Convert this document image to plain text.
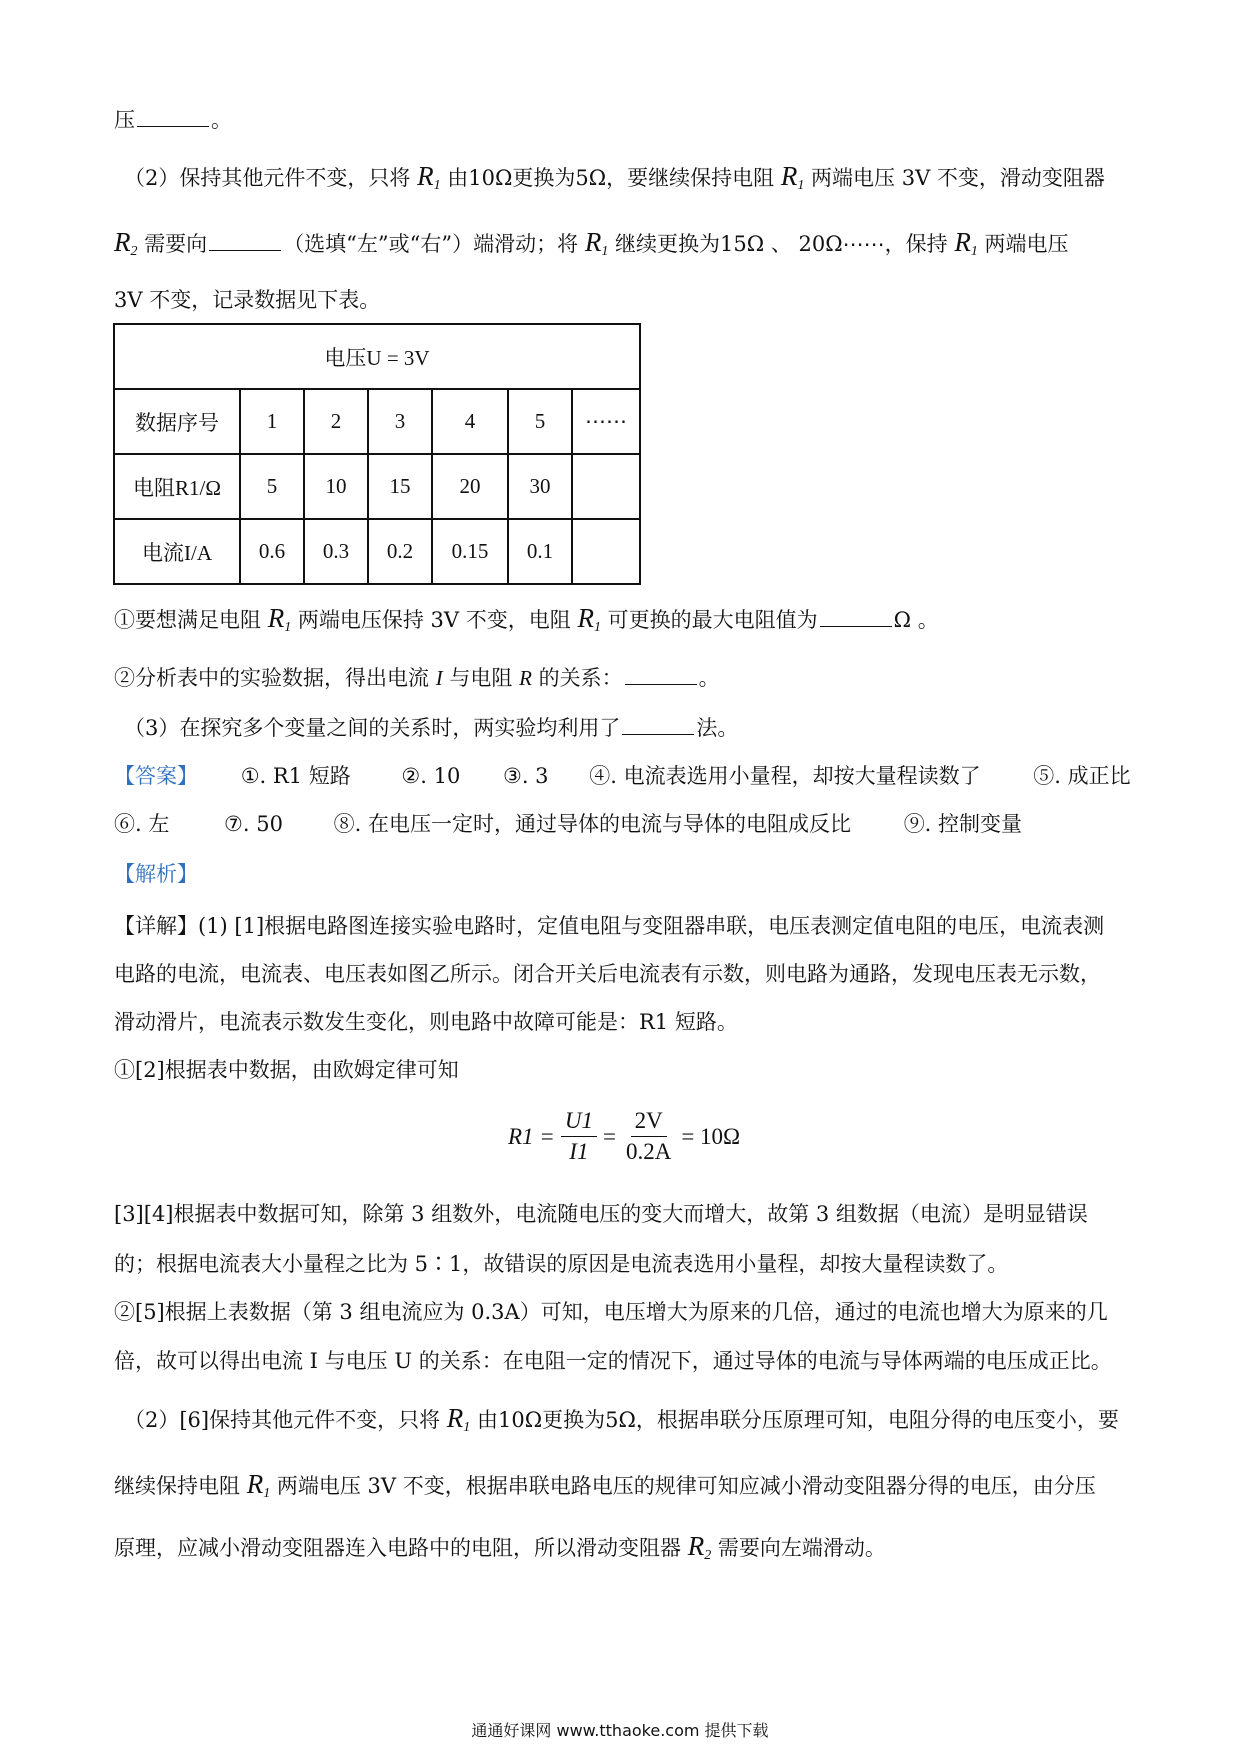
压	。
（2）保持其他元件不变，只将 $R_1$ 由10Ω更换为5Ω，要继续保持电阻 $R_1$ 两端电压 3V 不变，滑动变阻器
$R_2$ 需要向	（选填“左”或“右”）端滑动；将 $R_1$ 继续更换为15Ω 、 20Ω⋯⋯，保持 $R_1$ 两端电压
3V 不变，记录数据见下表。
电压U = 3V						
数据序号	1	2	3	4	5	⋯⋯
电阻R1/Ω	5	10	15	20	30	
电流I/A	0.6	0.3	0.2	0.15	0.1	
①要想满足电阻 $R_1$ 两端电压保持 3V 不变，电阻 $R_1$ 可更换的最大电阻值为	Ω 。
②分析表中的实验数据，得出电流 I 与电阻 R 的关系：	。
（3）在探究多个变量之间的关系时，两实验均利用了	法。
【答案】 ①. R1 短路 ②. 10 ③. 3 ④. 电流表选用小量程，却按大量程读数了	⑤. 成正比
⑥. 左	⑦. 50 ⑧. 在电压一定时，通过导体的电流与导体的电阻成反比	⑨. 控制变量
【解析】
【详解】(1) [1]根据电路图连接实验电路时，定值电阻与变阻器串联，电压表测定值电阻的电压，电流表测
电路的电流，电流表、电压表如图乙所示。闭合开关后电流表有示数，则电路为通路，发现电压表无示数，
滑动滑片，电流表示数发生变化，则电路中故障可能是：R1 短路。
①[2]根据表中数据，由欧姆定律可知
$R1 = \frac{U1}{I1} = \frac{2V}{0.2A} = 10\Omega$
[3][4]根据表中数据可知，除第 3 组数外，电流随电压的变大而增大，故第 3 组数据（电流）是明显错误
的；根据电流表大小量程之比为 5∶1，故错误的原因是电流表选用小量程，却按大量程读数了。
②[5]根据上表数据（第 3 组电流应为 0.3A）可知，电压增大为原来的几倍，通过的电流也增大为原来的几
倍，故可以得出电流 I 与电压 U 的关系：在电阻一定的情况下，通过导体的电流与导体两端的电压成正比。
（2）[6]保持其他元件不变，只将 $R_1$ 由10Ω更换为5Ω，根据串联分压原理可知，电阻分得的电压变小，要
继续保持电阻 $R_1$ 两端电压 3V 不变，根据串联电路电压的规律可知应减小滑动变阻器分得的电压，由分压
原理，应减小滑动变阻器连入电路中的电阻，所以滑动变阻器 $R_2$ 需要向左端滑动。
通通好课网 www.tthaoke.com 提供下载
